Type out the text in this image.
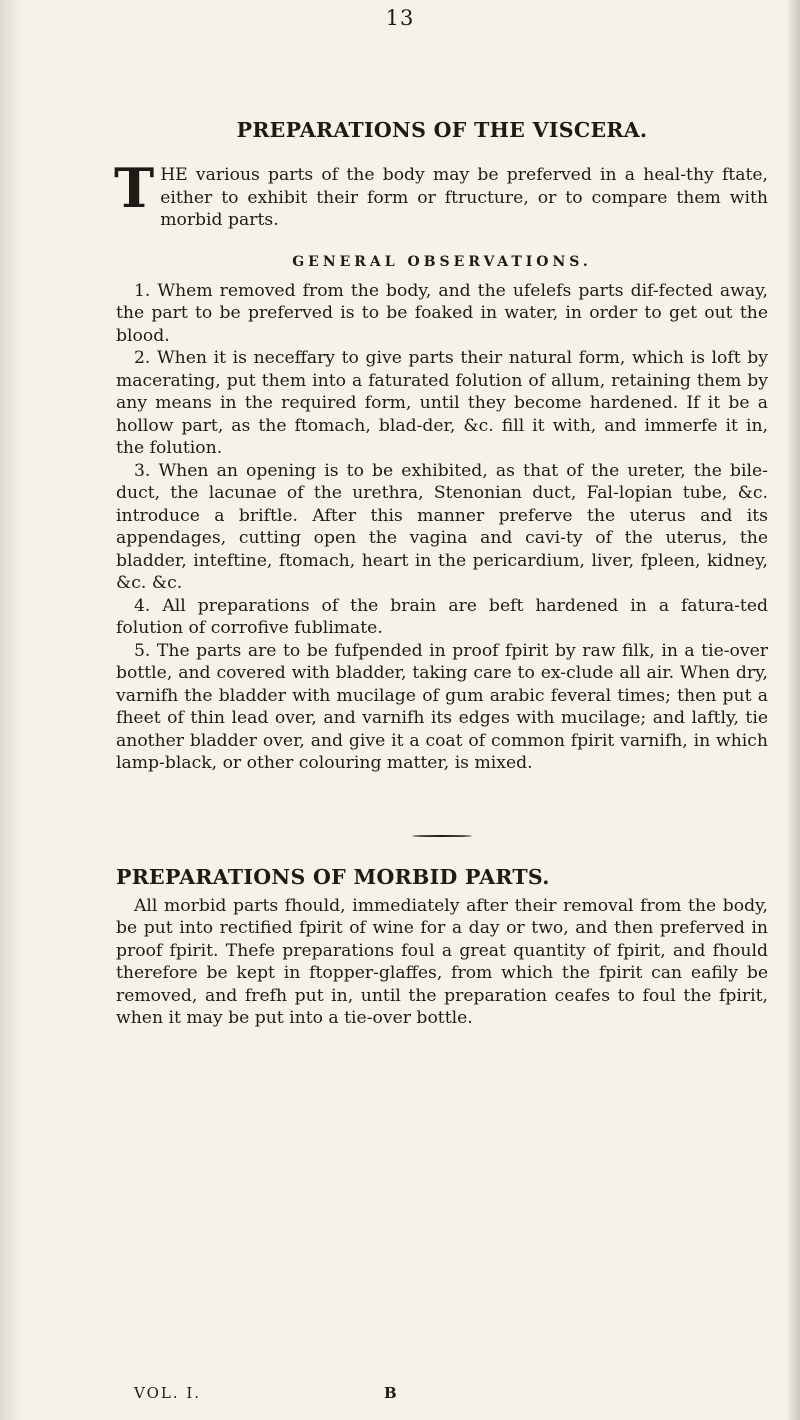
13
PREPARATIONS OF THE VISCERA.
T HE various parts of the body may be preferved in a heal-thy ftate, either to exhibit their form or ftructure, or to compare them with morbid parts.

GENERAL OBSERVATIONS.

1. Whem removed from the body, and the ufelefs parts dif-fected away, the part to be preferved is to be foaked in water, in order to get out the blood.

2. When it is neceffary to give parts their natural form, which is loft by macerating, put them into a faturated folution of allum, retaining them by any means in the required form, until they become hardened. If it be a hollow part, as the ftomach, blad-der, &c. fill it with, and immerfe it in, the folution.

3. When an opening is to be exhibited, as that of the ureter, the bile-duct, the lacunae of the urethra, Stenonian duct, Fal-lopian tube, &c. introduce a briftle. After this manner preferve the uterus and its appendages, cutting open the vagina and cavi-ty of the uterus, the bladder, inteftine, ftomach, heart in the pericardium, liver, fpleen, kidney, &c. &c.

4. All preparations of the brain are beft hardened in a fatura-ted folution of corrofive fublimate.

5. The parts are to be fufpended in proof fpirit by raw filk, in a tie-over bottle, and covered with bladder, taking care to ex-clude all air. When dry, varnifh the bladder with mucilage of gum arabic feveral times; then put a fheet of thin lead over, and varnifh its edges with mucilage; and laftly, tie another bladder over, and give it a coat of common fpirit varnifh, in which lamp-black, or other colouring matter, is mixed.

PREPARATIONS OF MORBID PARTS.

All morbid parts fhould, immediately after their removal from the body, be put into rectified fpirit of wine for a day or two, and then preferved in proof fpirit. Thefe preparations foul a great quantity of fpirit, and fhould therefore be kept in ftopper-glaffes, from which the fpirit can eafily be removed, and frefh put in, until the preparation ceafes to foul the fpirit, when it may be put into a tie-over bottle.

VOL. I.	B
